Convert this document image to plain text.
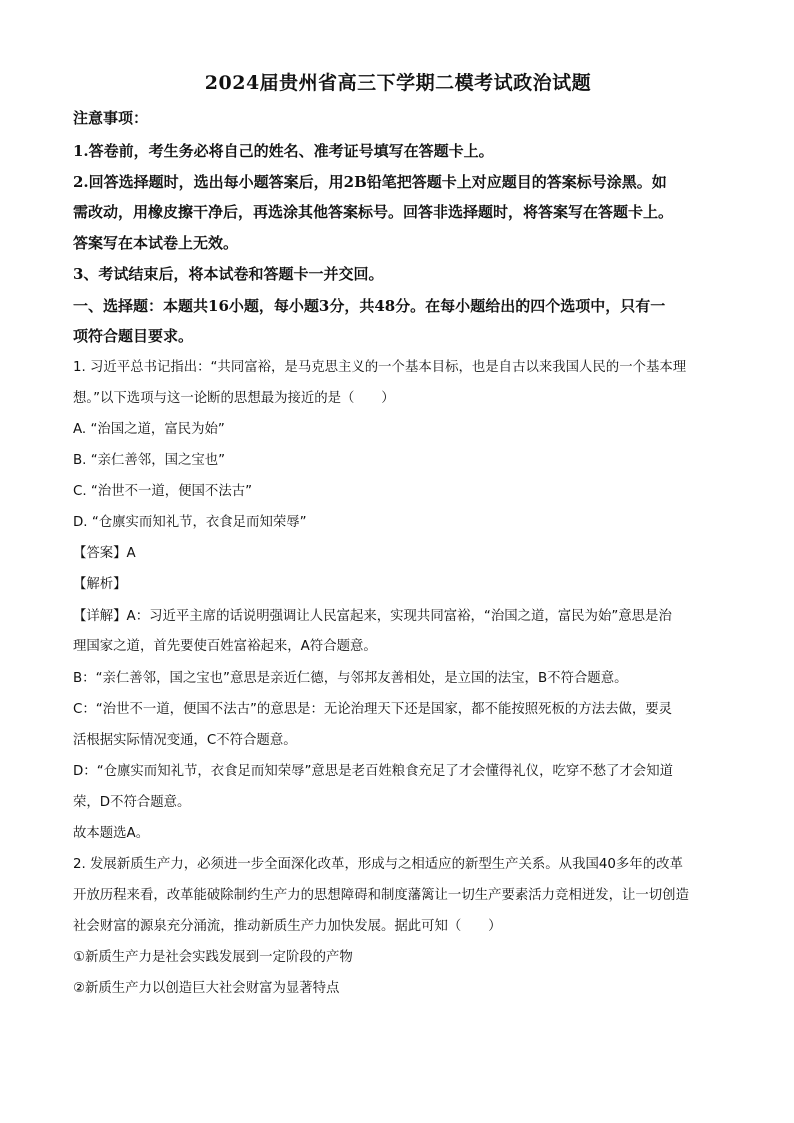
2024届贵州省高三下学期二模考试政治试题
注意事项：
1.答卷前，考生务必将自己的姓名、准考证号填写在答题卡上。
2.回答选择题时，选出每小题答案后，用2B铅笔把答题卡上对应题目的答案标号涂黑。如
需改动，用橡皮擦干净后，再选涂其他答案标号。回答非选择题时，将答案写在答题卡上。
答案写在本试卷上无效。
3、考试结束后，将本试卷和答题卡一并交回。
一、选择题：本题共16小题，每小题3分，共48分。在每小题给出的四个选项中，只有一
项符合题目要求。
1. 习近平总书记指出：“共同富裕，是马克思主义的一个基本目标，也是自古以来我国人民的一个基本理
想。”以下选项与这一论断的思想最为接近的是（　　）
A. “治国之道，富民为始”
B. “亲仁善邻，国之宝也”
C. “治世不一道，便国不法古”
D. “仓廪实而知礼节，衣食足而知荣辱”
【答案】A
【解析】
【详解】A：习近平主席的话说明强调让人民富起来，实现共同富裕，“治国之道，富民为始”意思是治
理国家之道，首先要使百姓富裕起来，A符合题意。
B：“亲仁善邻，国之宝也”意思是亲近仁德，与邻邦友善相处，是立国的法宝，B不符合题意。
C：“治世不一道，便国不法古”的意思是：无论治理天下还是国家，都不能按照死板的方法去做，要灵
活根据实际情况变通，C不符合题意。
D：“仓廪实而知礼节，衣食足而知荣辱”意思是老百姓粮食充足了才会懂得礼仪，吃穿不愁了才会知道
荣，D不符合题意。
故本题选A。
2. 发展新质生产力，必须进一步全面深化改革，形成与之相适应的新型生产关系。从我国40多年的改革
开放历程来看，改革能破除制约生产力的思想障碍和制度藩篱让一切生产要素活力竞相迸发，让一切创造
社会财富的源泉充分涌流，推动新质生产力加快发展。据此可知（　　）
①新质生产力是社会实践发展到一定阶段的产物
②新质生产力以创造巨大社会财富为显著特点
